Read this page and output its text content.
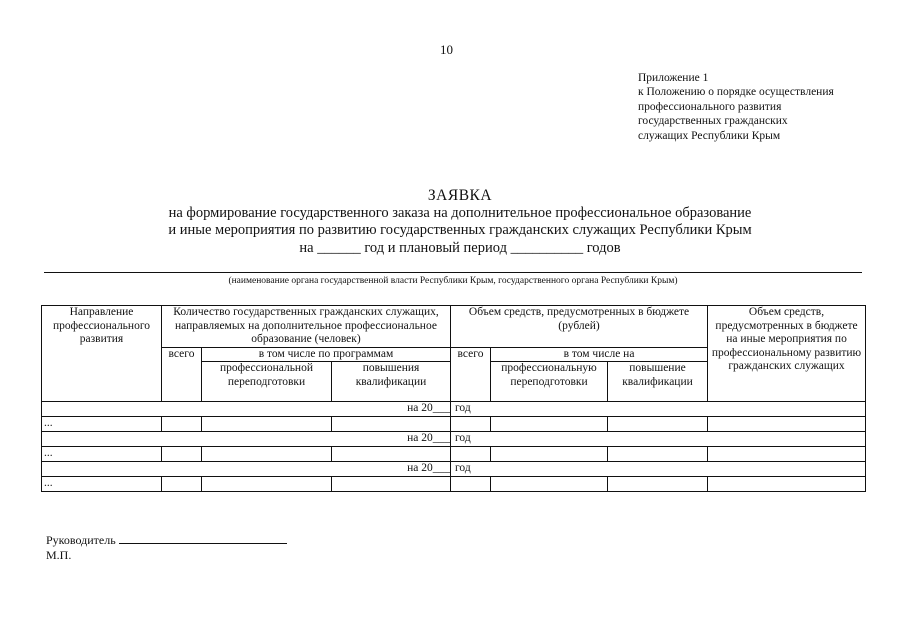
10
Приложение 1
к Положению о порядке осуществления
профессионального развития
государственных гражданских
служащих Республики Крым
ЗАЯВКА
на формирование государственного заказа на дополнительное профессиональное образование
и иные мероприятия по развитию государственных гражданских служащих Республики Крым
на ______ год и плановый период __________ годов
(наименование органа государственной власти Республики Крым, государственного органа Республики Крым)
Направление профессионального развития	Количество государственных гражданских служащих, направляемых на дополнительное профессиональное образование (человек)			Объем средств, предусмотренных в бюджете (рублей)			Объем средств, предусмотренных в бюджете на иные мероприятия по профессиональному развитию гражданских служащих
	всего	в том числе по программам		всего	в том числе на		
		профессиональной переподготовки	повышения квалификации		профессиональную переподготовки	повышение квалификации	
на 20___				год			
...							
на 20___				год			
...							
на 20___				год			
...							
Руководитель
М.П.
